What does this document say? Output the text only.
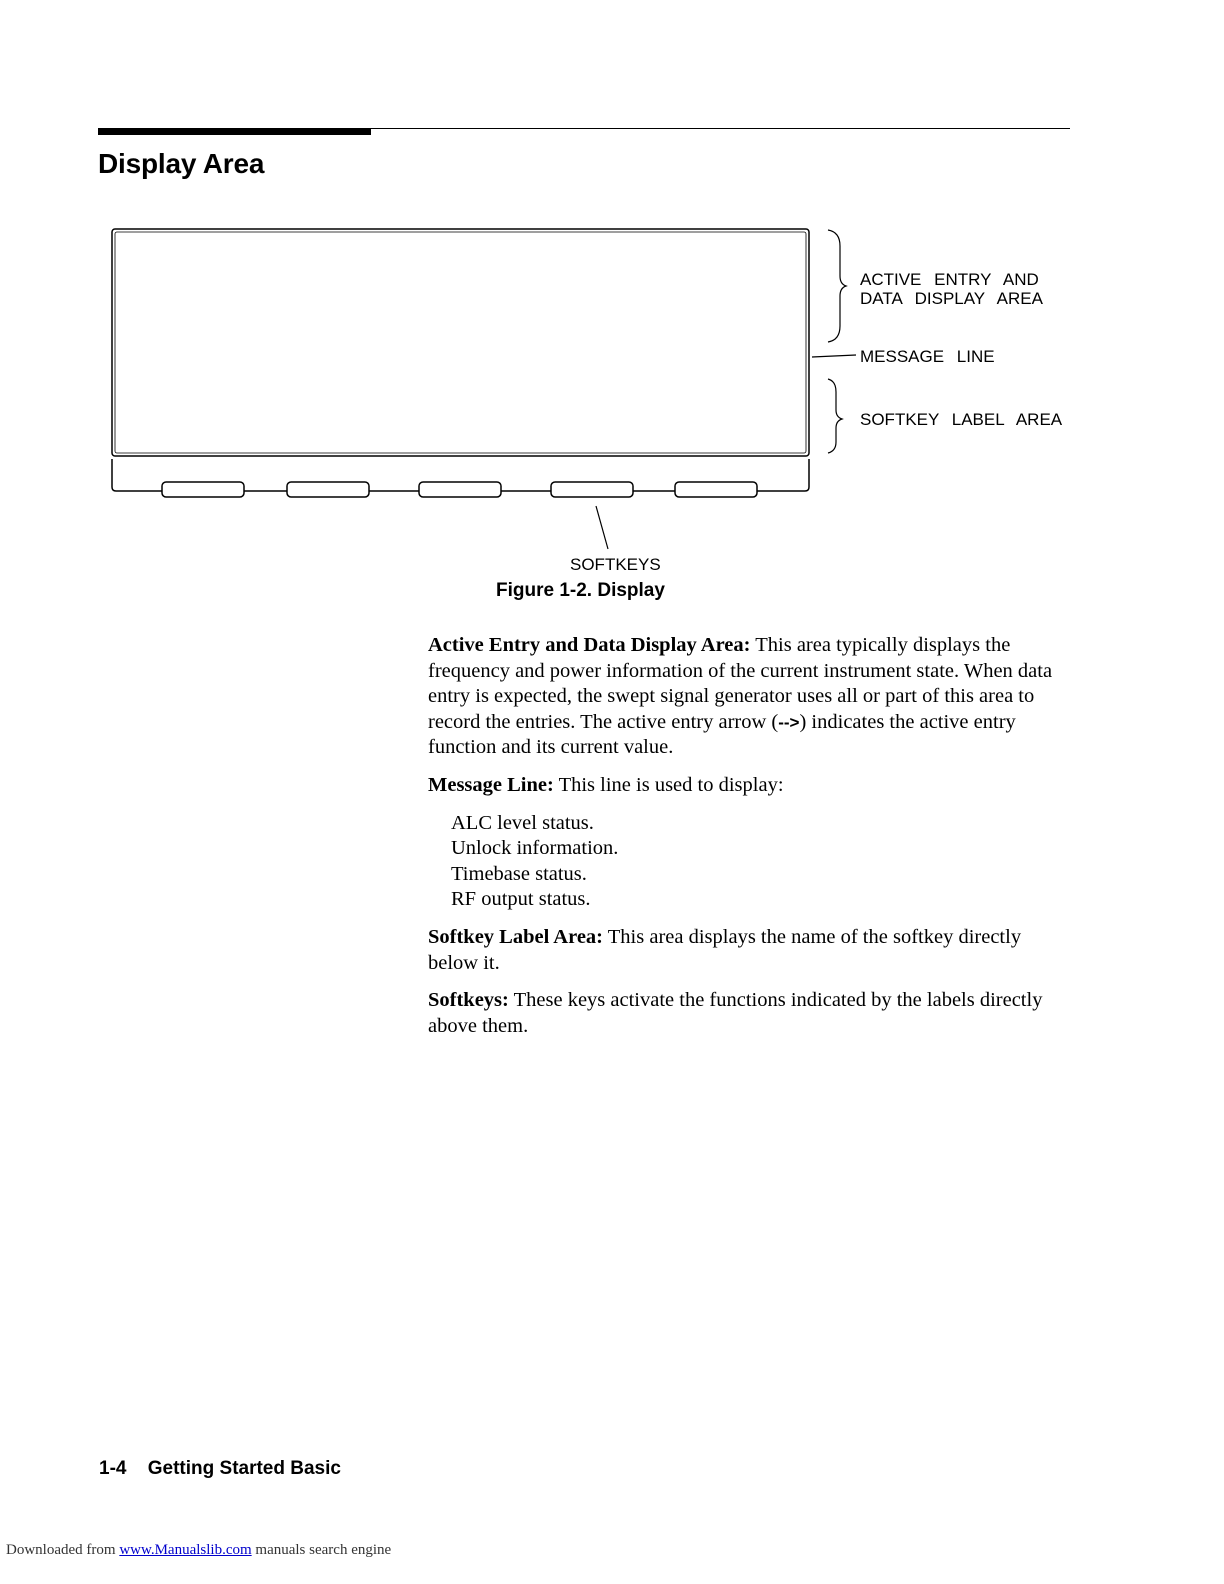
Display Area
ACTIVE ENTRY AND
DATA DISPLAY AREA
MESSAGE LINE
SOFTKEY LABEL AREA
SOFTKEYS
Figure 1-2. Display

Active Entry and Data Display Area: This area typically displays the frequency and power information of the current instrument state. When data entry is expected, the swept signal generator uses all or part of this area to record the entries. The active entry arrow (-->) indicates the active entry function and its current value.

Message Line: This line is used to display:

ALC level status.
Unlock information.
Timebase status.
RF output status.

Softkey Label Area: This area displays the name of the softkey directly below it.

Softkeys: These keys activate the functions indicated by the labels directly above them.

1-4 Getting Started Basic
Downloaded from www.Manualslib.com manuals search engine
